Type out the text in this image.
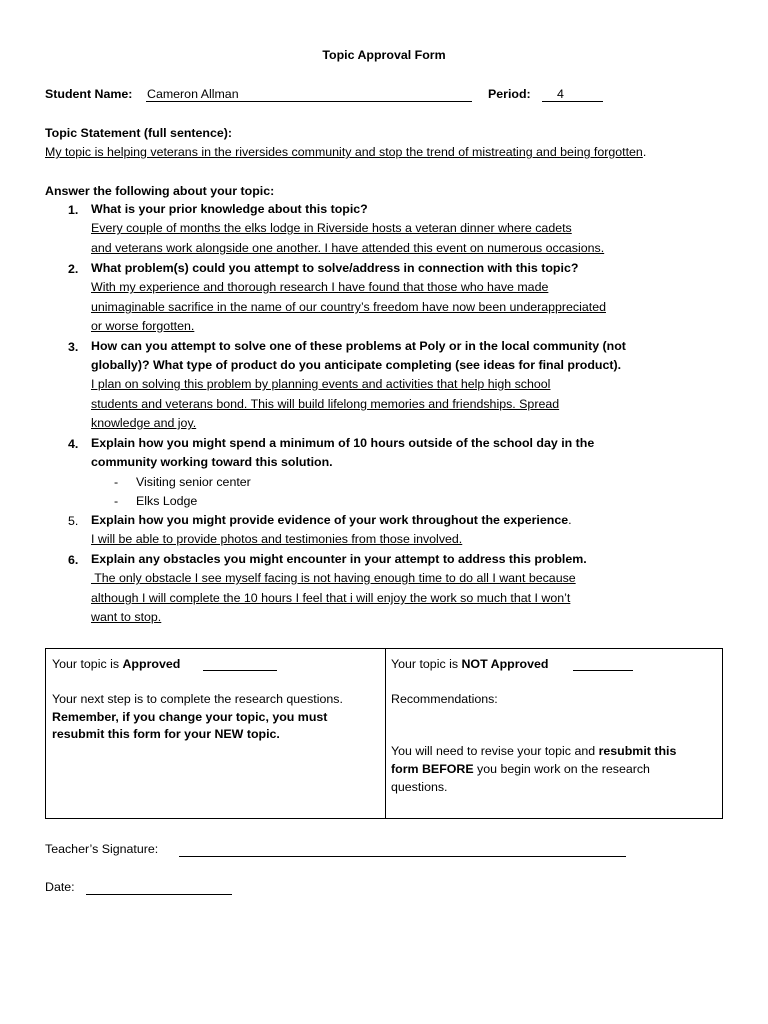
Topic Approval Form
Student Name: Cameron Allman	Period: 4
Topic Statement (full sentence):
My topic is helping veterans in the riversides community and stop the trend of mistreating and being forgotten.
Answer the following about your topic:
1. What is your prior knowledge about this topic?
Every couple of months the elks lodge in Riverside hosts a veteran dinner where cadets
and veterans work alongside one another. I have attended this event on numerous occasions.
2. What problem(s) could you attempt to solve/address in connection with this topic?
With my experience and thorough research I have found that those who have made
unimaginable sacrifice in the name of our country’s freedom have now been underappreciated
or worse forgotten.
3. How can you attempt to solve one of these problems at Poly or in the local community (not
globally)? What type of product do you anticipate completing (see ideas for final product).
I plan on solving this problem by planning events and activities that help high school
students and veterans bond. This will build lifelong memories and friendships. Spread
knowledge and joy.
4. Explain how you might spend a minimum of 10 hours outside of the school day in the
community working toward this solution.
- Visiting senior center
- Elks Lodge
5. Explain how you might provide evidence of your work throughout the experience.
I will be able to provide photos and testimonies from those involved.
6. Explain any obstacles you might encounter in your attempt to address this problem.
The only obstacle I see myself facing is not having enough time to do all I want because
although I will complete the 10 hours I feel that i will enjoy the work so much that I won’t
want to stop.
Your topic is Approved
Your next step is to complete the research questions.
Remember, if you change your topic, you must
resubmit this form for your NEW topic.
Your topic is NOT Approved
Recommendations:
You will need to revise your topic and resubmit this
form BEFORE you begin work on the research
questions.
Teacher’s Signature:
Date:
